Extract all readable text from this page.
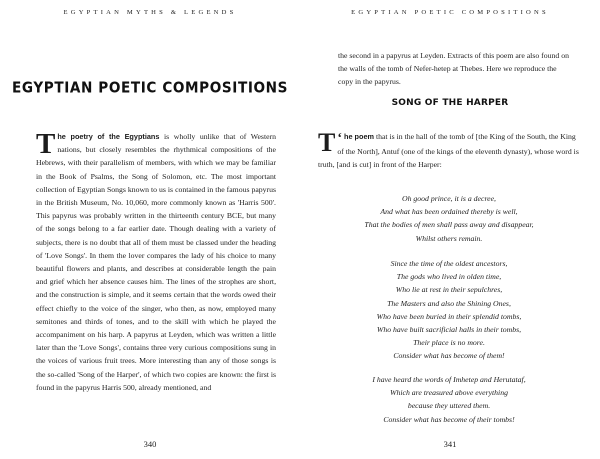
EGYPTIAN MYTHS & LEGENDS
EGYPTIAN POETIC COMPOSITIONS
340
The poetry of the Egyptians is wholly unlike that of Western nations, but closely resembles the rhythmical compositions of the Hebrews, with their parallelism of members, with which we may be familiar in the Book of Psalms, the Song of Solomon, etc. The most important collection of Egyptian Songs known to us is contained in the famous papyrus in the British Museum, No. 10,060, more commonly known as 'Harris 500'. This papyrus was probably written in the thirteenth century BCE, but many of the songs belong to a far earlier date. Though dealing with a variety of subjects, there is no doubt that all of them must be classed under the heading of 'Love Songs'. In them the lover compares the lady of his choice to many beautiful flowers and plants, and describes at considerable length the pain and grief which her absence causes him. The lines of the strophes are short, and the construction is simple, and it seems certain that the words owed their effect chiefly to the voice of the singer, who then, as now, employed many semitones and thirds of tones, and to the skill with which he played the accompaniment on his harp. A papyrus at Leyden, which was written a little later than the 'Love Songs', contains three very curious compositions sung in the voices of various fruit trees. More interesting than any of those songs is the so-called 'Song of the Harper', of which two copies are known: the first is found in the papyrus Harris 500, already mentioned, and
EGYPTIAN POETIC COMPOSITIONS
341
the second in a papyrus at Leyden. Extracts of this poem are also found on the walls of the tomb of Nefer-hetep at Thebes. Here we reproduce the copy in the papyrus.
SONG OF THE HARPER
‘
T he poem that is in the hall of the tomb of [the King of the South, the King of the North], Antuf (one of the kings of the eleventh dynasty), whose word is truth, [and is cut] in front of the Harper:

Oh good prince, it is a decree,

And what has been ordained thereby is well,

That the bodies of men shall pass away and disappear,

Whilst others remain.

Since the time of the oldest ancestors,

The gods who lived in olden time,

Who lie at rest in their sepulchres,

The Masters and also the Shining Ones,

Who have been buried in their splendid tombs,

Who have built sacrificial halls in their tombs,

Their place is no more.

Consider what has become of them!

I have heard the words of Imhetep and Herutataf,

Which are treasured above everything

because they uttered them.

Consider what has become of their tombs!
